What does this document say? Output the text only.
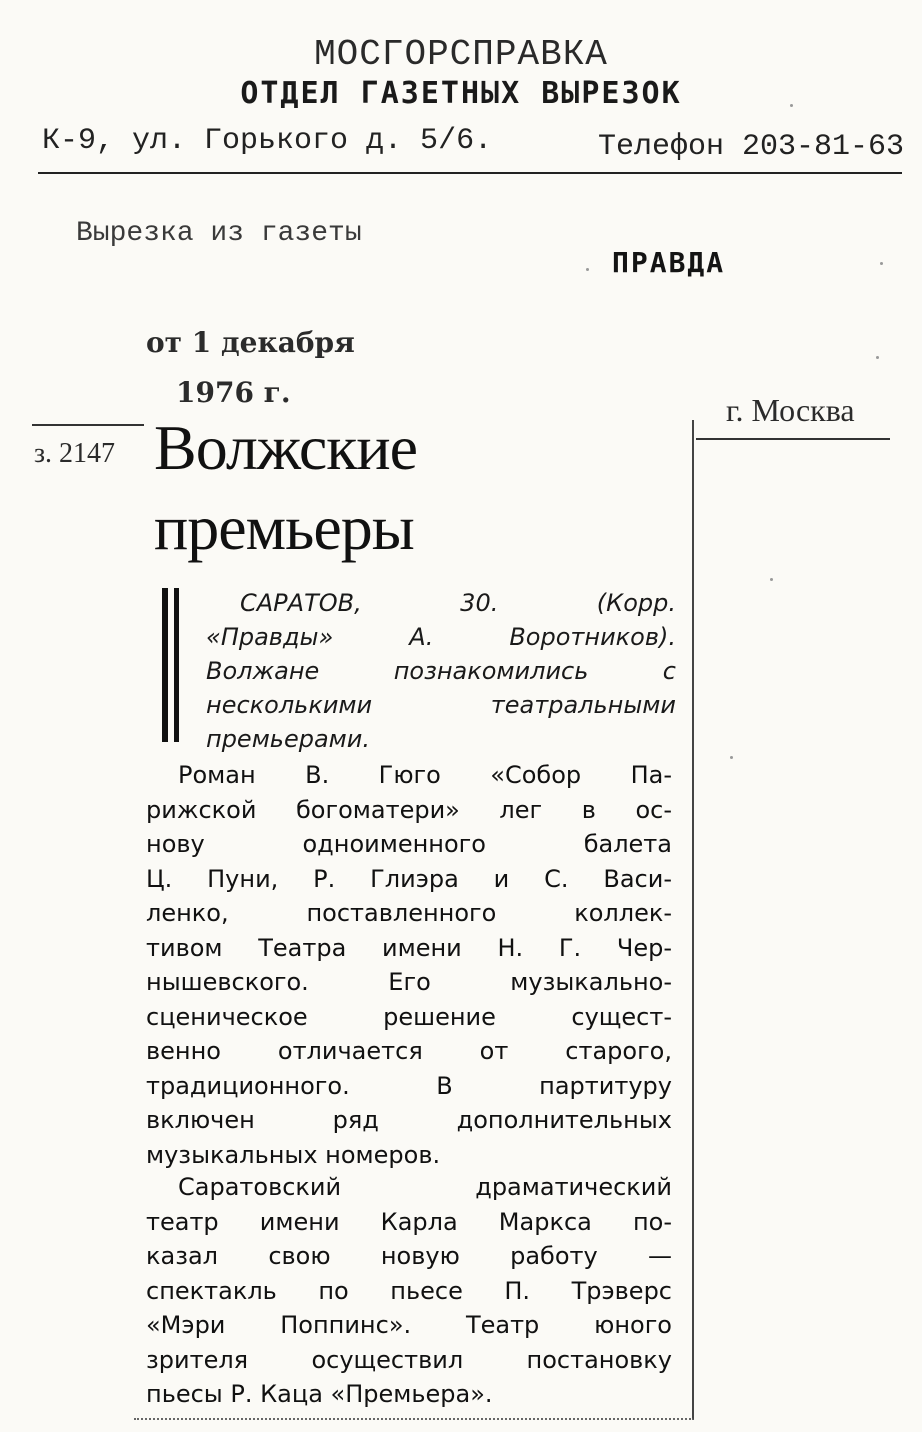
МОСГОРСПРАВКА
ОТДЕЛ ГАЗЕТНЫХ ВЫРЕЗОК
К-9, ул. Горького д. 5/6.	Телефон 203-81-63
Вырезка из газеты
ПРАВДА
от 1 декабря
1976 г.	г. Москва
з. 2147 Волжские
премьеры
САРАТОВ, 30. (Корр.
«Правды» А. Воротников).
Волжане познакомились с
несколькими театральными
премьерами.
Роман В. Гюго «Собор Па-
рижской богоматери» лег в ос-
нову одноименного балета
Ц. Пуни, Р. Глиэра и С. Васи-
ленко, поставленного коллек-
тивом Театра имени Н. Г. Чер-
нышевского. Его музыкально-
сценическое решение сущест-
венно отличается от старого,
традиционного. В партитуру
включен ряд дополнительных
музыкальных номеров.
Саратовский драматический
театр имени Карла Маркса по-
казал свою новую работу —
спектакль по пьесе П. Трэверс
«Мэри Поппинс». Театр юного
зрителя осуществил постановку
пьесы Р. Каца «Премьера».
